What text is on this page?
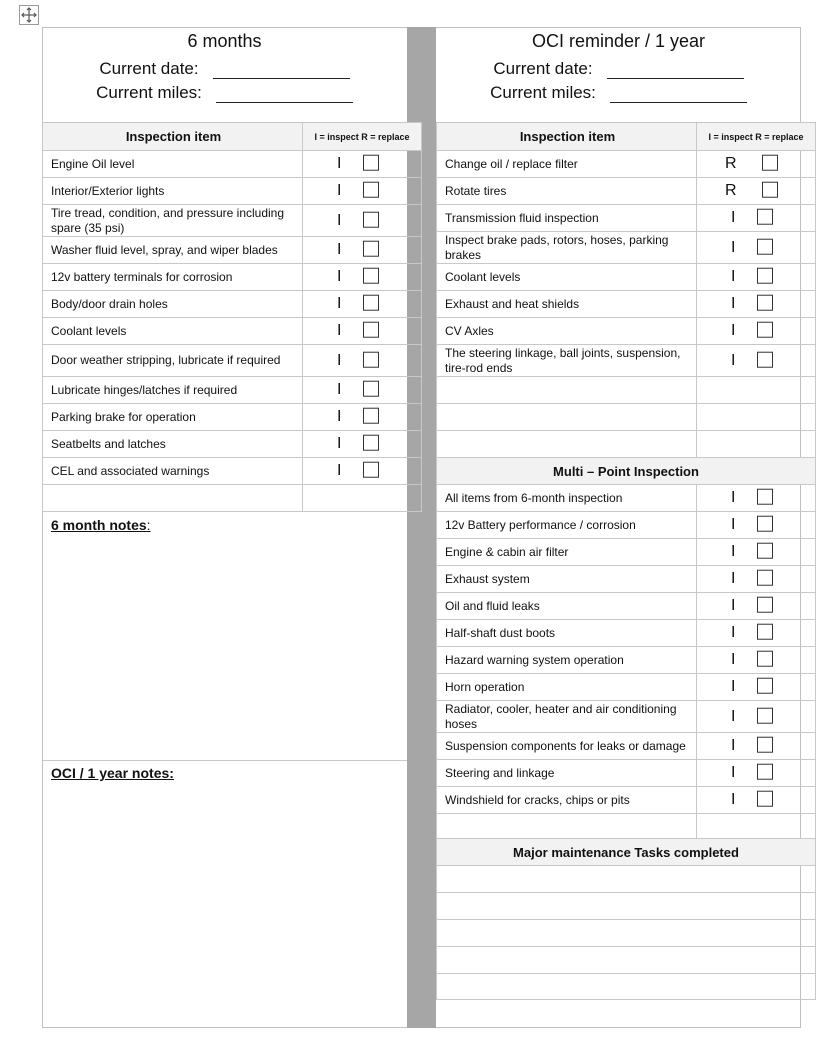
6 months
Current date:
Current miles:
Inspection item	I = inspect R = replace
Engine Oil level	I

Interior/Exterior lights	I

Tire tread, condition, and pressure including spare (35 psi)	I

Washer fluid level, spray, and wiper blades	I

12v battery terminals for corrosion	I

Body/door drain holes	I

Coolant levels	I

Door weather stripping, lubricate if required	I

Lubricate hinges/latches if required	I

Parking brake for operation	I

Seatbelts and latches	I

CEL and associated warnings	I

6 month notes:
OCI / 1 year notes:
OCI reminder / 1 year
Current date:
Current miles:
Inspection item	I = inspect R = replace
Change oil / replace filter	R

Rotate tires	R

Transmission fluid inspection	I

Inspect brake pads, rotors, hoses, parking brakes	I

Coolant levels	I

Exhaust and heat shields	I

CV Axles	I

The steering linkage, ball joints, suspension, tire-rod ends	I

Multi – Point Inspection	
All items from 6-month inspection	I

12v Battery performance / corrosion	I

Engine & cabin air filter	I

Exhaust system	I

Oil and fluid leaks	I

Half-shaft dust boots	I

Hazard warning system operation	I

Horn operation	I

Radiator, cooler, heater and air conditioning hoses	I

Suspension components for leaks or damage	I

Steering and linkage	I

Windshield for cracks, chips or pits	I

Major maintenance Tasks completed	
